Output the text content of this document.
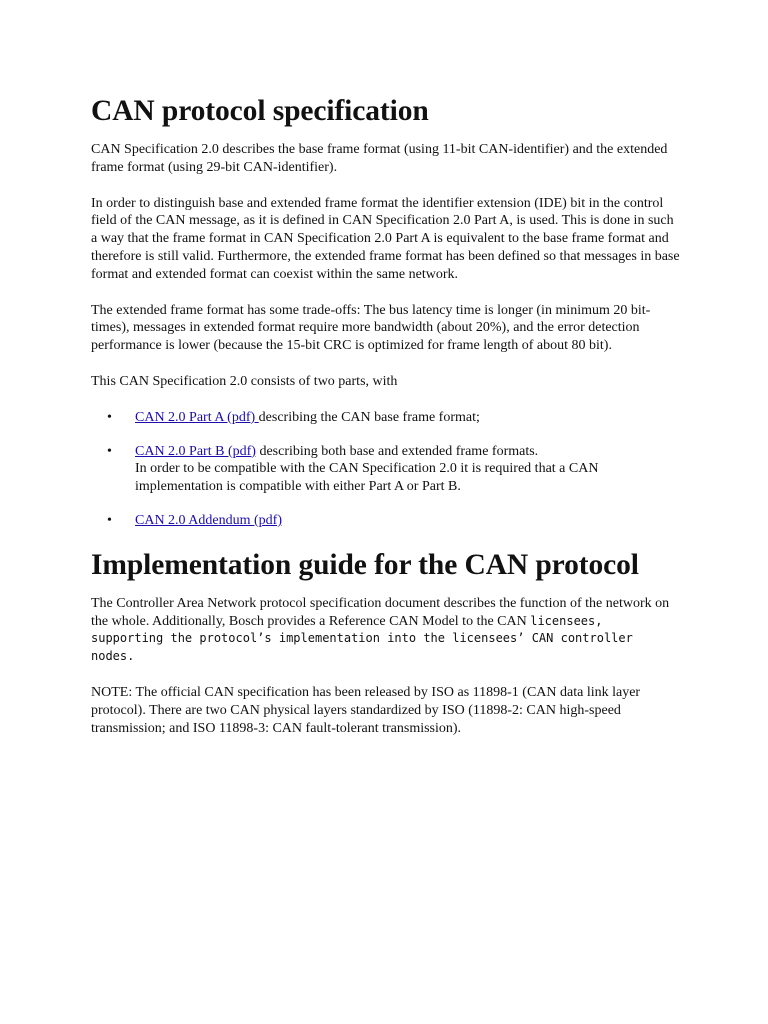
CAN protocol specification

CAN Specification 2.0 describes the base frame format (using 11-bit CAN-identifier) and the extended frame format (using 29-bit CAN-identifier).

In order to distinguish base and extended frame format the identifier extension (IDE) bit in the control field of the CAN message, as it is defined in CAN Specification 2.0 Part A, is used. This is done in such a way that the frame format in CAN Specification 2.0 Part A is equivalent to the base frame format and therefore is still valid. Furthermore, the extended frame format has been defined so that messages in base format and extended format can coexist within the same network.

The extended frame format has some trade-offs: The bus latency time is longer (in minimum 20 bit-times), messages in extended format require more bandwidth (about 20%), and the error detection performance is lower (because the 15-bit CRC is optimized for frame length of about 80 bit).

This CAN Specification 2.0 consists of two parts, with

• CAN 2.0 Part A (pdf) describing the CAN base frame format;
• CAN 2.0 Part B (pdf) describing both base and extended frame formats.
In order to be compatible with the CAN Specification 2.0 it is required that a CAN implementation is compatible with either Part A or Part B.
• CAN 2.0 Addendum (pdf)
Implementation guide for the CAN protocol

The Controller Area Network protocol specification document describes the function of the network on the whole. Additionally, Bosch provides a Reference CAN Model to the CAN licensees, supporting the protocol’s implementation into the licensees’ CAN controller nodes.

NOTE: The official CAN specification has been released by ISO as 11898-1 (CAN data link layer protocol). There are two CAN physical layers standardized by ISO (11898-2: CAN high-speed transmission; and ISO 11898-3: CAN fault-tolerant transmission).
